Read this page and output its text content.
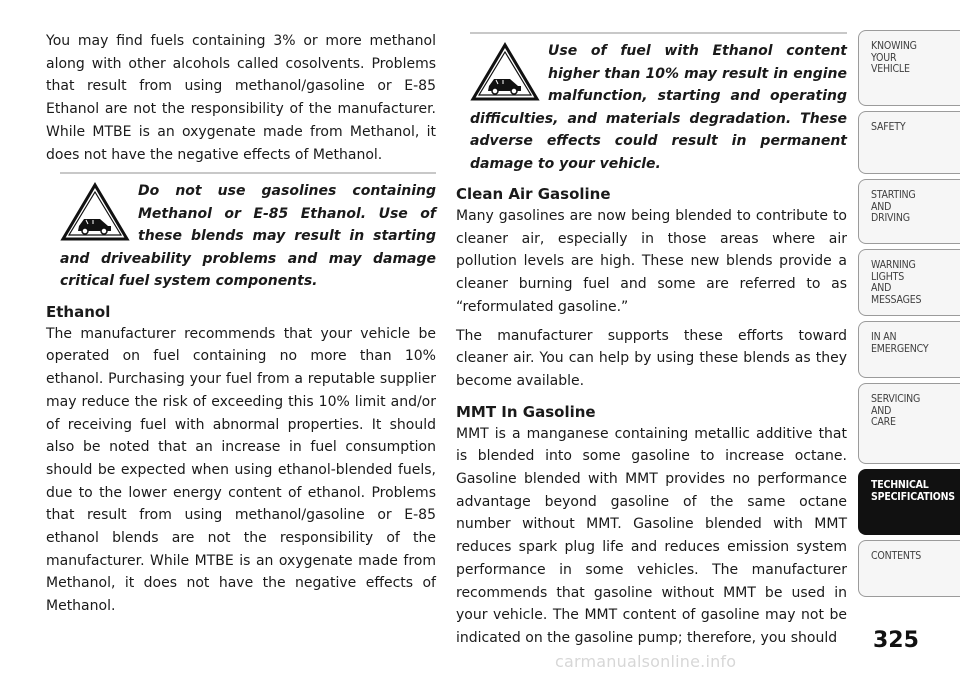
You may find fuels containing 3% or more methanol along with other alcohols called cosolvents. Problems that result from using methanol/gasoline or E-85 Ethanol are not the responsibility of the manufacturer. While MTBE is an oxygenate made from Methanol, it does not have the negative effects of Methanol.

Do not use gasolines containing Methanol or E-85 Ethanol. Use of these blends may result in starting and driveability problems and may damage critical fuel system components.

Ethanol

The manufacturer recommends that your vehicle be operated on fuel containing no more than 10% ethanol. Purchasing your fuel from a reputable supplier may reduce the risk of exceeding this 10% limit and/or of receiving fuel with abnormal properties. It should also be noted that an increase in fuel consumption should be expected when using ethanol-blended fuels, due to the lower energy content of ethanol. Problems that result from using methanol/gasoline or E-85 ethanol blends are not the responsibility of the manufacturer. While MTBE is an oxygenate made from Methanol, it does not have the negative effects of Methanol.

Use of fuel with Ethanol content higher than 10% may result in engine malfunction, starting and operating difficulties, and materials degradation. These adverse effects could result in permanent damage to your vehicle.

Clean Air Gasoline

Many gasolines are now being blended to contribute to cleaner air, especially in those areas where air pollution levels are high. These new blends provide a cleaner burning fuel and some are referred to as “reformulated gasoline.”

The manufacturer supports these efforts toward cleaner air. You can help by using these blends as they become available.

MMT In Gasoline

MMT is a manganese containing metallic additive that is blended into some gasoline to increase octane. Gasoline blended with MMT provides no performance advantage beyond gasoline of the same octane number without MMT. Gasoline blended with MMT reduces spark plug life and reduces emission system performance in some vehicles. The manufacturer recommends that gasoline without MMT be used in your vehicle. The MMT content of gasoline may not be indicated on the gasoline pump; therefore, you should

KNOWING
YOUR
VEHICLE
SAFETY
STARTING
AND
DRIVING
WARNING
LIGHTS
AND
MESSAGES
IN AN
EMERGENCY
SERVICING
AND
CARE
TECHNICAL
SPECIFICATIONS
CONTENTS
325
carmanualsonline.info
